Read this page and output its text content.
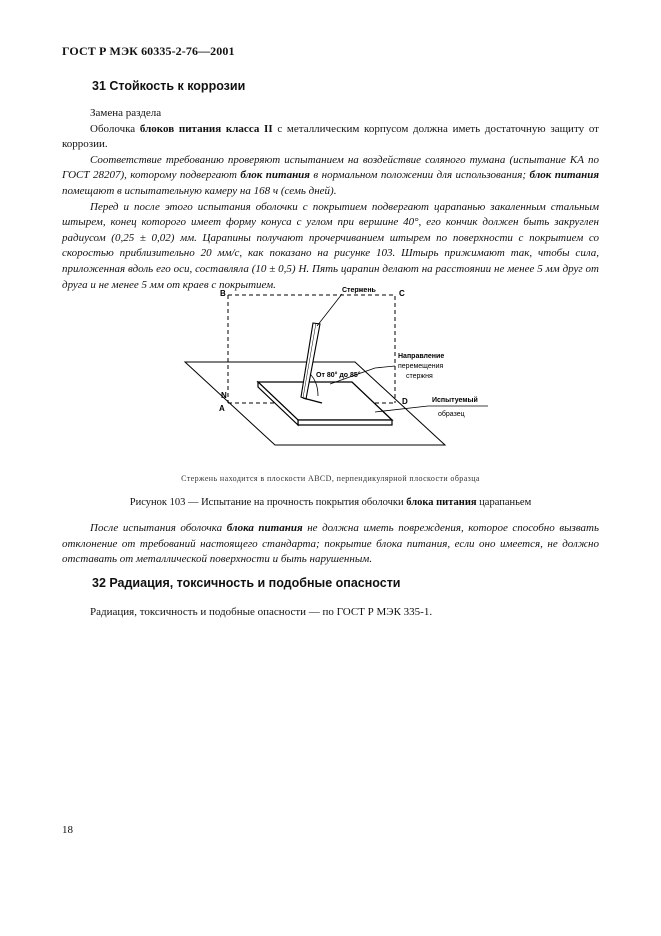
ГОСТ Р МЭК 60335-2-76—2001
31 Стойкость к коррозии

Замена раздела

Оболочка блоков питания класса II с металлическим корпусом должна иметь достаточную защиту от коррозии.

Соответствие требованию проверяют испытанием на воздействие соляного тумана (испытание КА по ГОСТ 28207), которому подвергают блок питания в нормальном положении для использования; блок питания помещают в испытательную камеру на 168 ч (семь дней).

Перед и после этого испытания оболочки с покрытием подвергают царапанью закаленным стальным штырем, конец которого имеет форму конуса с углом при вершине 40°, его кончик должен быть закруглен радиусом (0,25 ± 0,02) мм. Царапины получают прочерчиванием штырем по поверхности с покрытием со скоростью приблизительно 20 мм/с, как показано на рисунке 103. Штырь прижимают так, чтобы сила, приложенная вдоль его оси, составляла (10 ± 0,5) Н. Пять царапин делают на расстоянии не менее 5 мм друг от друга и не менее 5 мм от краев с покрытием.

B	C
N
A
D
Стержень
От 80° до 85°
Направление
перемещения
стержня
Испытуемый
образец
Стержень находится в плоскости ABCD, перпендикулярной плоскости образца
Рисунок 103 — Испытание на прочность покрытия оболочки блока питания царапаньем

После испытания оболочка блока питания не должна иметь повреждения, которое способно вызвать отклонение от требований настоящего стандарта; покрытие блока питания, если оно имеется, не должно отставать от металлической поверхности и быть нарушенным.

32 Радиация, токсичность и подобные опасности

Радиация, токсичность и подобные опасности — по ГОСТ Р МЭК 335-1.

18
